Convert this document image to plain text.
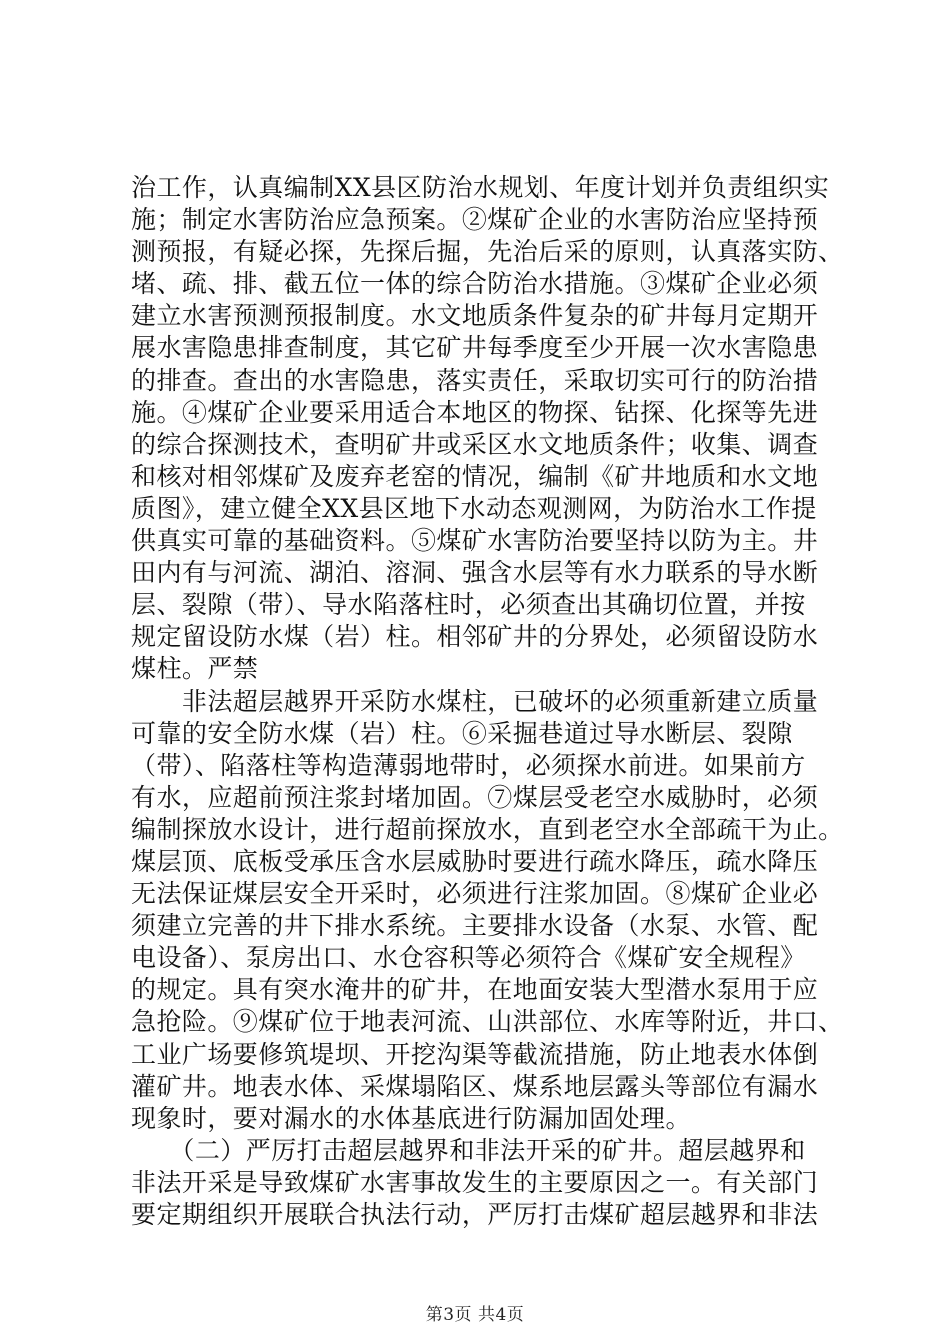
治工作，认真编制XX县区防治水规划、年度计划并负责组织实
施；制定水害防治应急预案。②煤矿企业的水害防治应坚持预
测预报，有疑必探，先探后掘，先治后采的原则，认真落实防、
堵、疏、排、截五位一体的综合防治水措施。③煤矿企业必须
建立水害预测预报制度。水文地质条件复杂的矿井每月定期开
展水害隐患排查制度，其它矿井每季度至少开展一次水害隐患
的排查。查出的水害隐患，落实责任，采取切实可行的防治措
施。④煤矿企业要采用适合本地区的物探、钻探、化探等先进
的综合探测技术，查明矿井或采区水文地质条件；收集、调查
和核对相邻煤矿及废弃老窑的情况，编制《矿井地质和水文地
质图》，建立健全XX县区地下水动态观测网，为防治水工作提
供真实可靠的基础资料。⑤煤矿水害防治要坚持以防为主。井
田内有与河流、湖泊、溶洞、强含水层等有水力联系的导水断
层、裂隙（带）、导水陷落柱时，必须查出其确切位置，并按
规定留设防水煤（岩）柱。相邻矿井的分界处，必须留设防水
煤柱。严禁
　　非法超层越界开采防水煤柱，已破坏的必须重新建立质量
可靠的安全防水煤（岩）柱。⑥采掘巷道过导水断层、裂隙
（带）、陷落柱等构造薄弱地带时，必须探水前进。如果前方
有水，应超前预注浆封堵加固。⑦煤层受老空水威胁时，必须
编制探放水设计，进行超前探放水，直到老空水全部疏干为止。
煤层顶、底板受承压含水层威胁时要进行疏水降压，疏水降压
无法保证煤层安全开采时，必须进行注浆加固。⑧煤矿企业必
须建立完善的井下排水系统。主要排水设备（水泵、水管、配
电设备）、泵房出口、水仓容积等必须符合《煤矿安全规程》
的规定。具有突水淹井的矿井，在地面安装大型潜水泵用于应
急抢险。⑨煤矿位于地表河流、山洪部位、水库等附近，井口、
工业广场要修筑堤坝、开挖沟渠等截流措施，防止地表水体倒
灌矿井。地表水体、采煤塌陷区、煤系地层露头等部位有漏水
现象时，要对漏水的水体基底进行防漏加固处理。
　　（二）严厉打击超层越界和非法开采的矿井。超层越界和
非法开采是导致煤矿水害事故发生的主要原因之一。有关部门
要定期组织开展联合执法行动，严厉打击煤矿超层越界和非法
第3页 共4页
